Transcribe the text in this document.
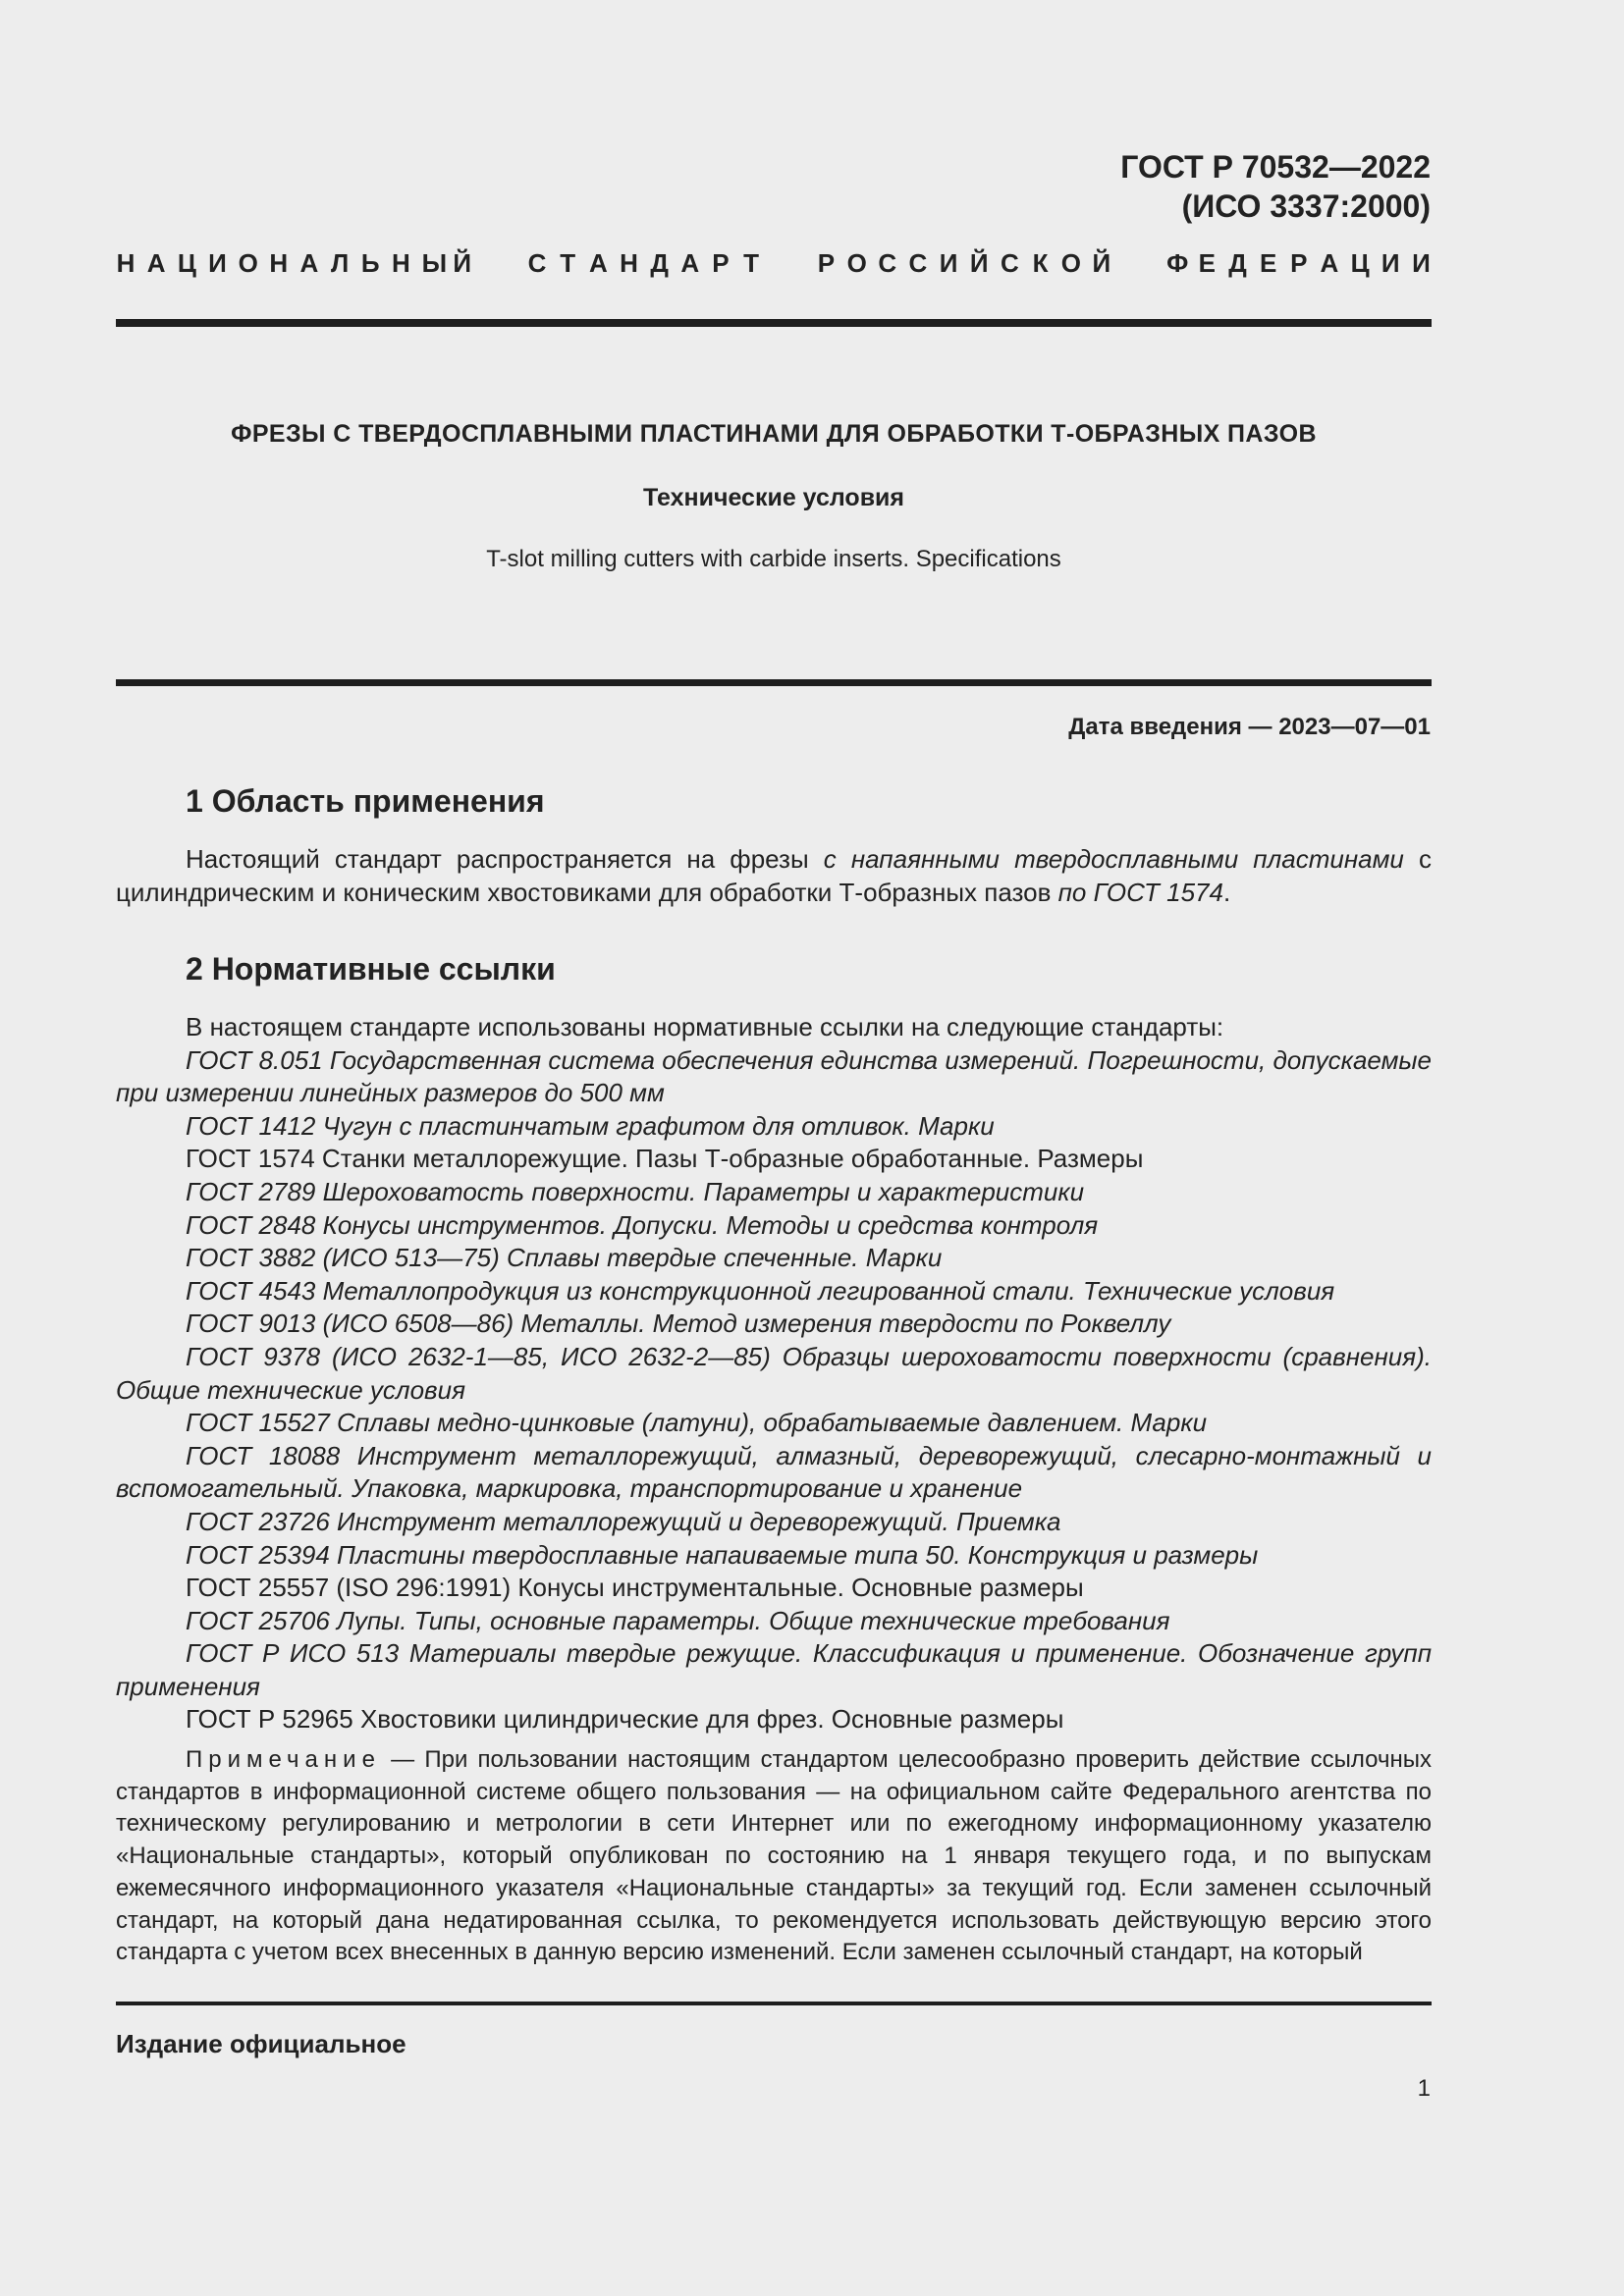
ГОСТ Р 70532—2022
(ИСО 3337:2000)
Н А Ц И О Н А Л Ь Н Ы Й
С Т А Н Д А Р Т
Р О С С И Й С К О Й
Ф Е Д Е Р А Ц И И
ФРЕЗЫ С ТВЕРДОСПЛАВНЫМИ ПЛАСТИНАМИ ДЛЯ ОБРАБОТКИ Т-ОБРАЗНЫХ ПАЗОВ
Технические условия
T-slot milling cutters with carbide inserts. Specifications
Дата введения — 2023—07—01
1 Область применения

Настоящий стандарт распространяется на фрезы с напаянными твердосплавными пластинами с цилиндрическим и коническим хвостовиками для обработки Т-образных пазов по ГОСТ 1574.

2 Нормативные ссылки

В настоящем стандарте использованы нормативные ссылки на следующие стандарты:

ГОСТ 8.051 Государственная система обеспечения единства измерений. Погрешности, допускаемые при измерении линейных размеров до 500 мм

ГОСТ 1412 Чугун с пластинчатым графитом для отливок. Марки

ГОСТ 1574 Станки металлорежущие. Пазы Т-образные обработанные. Размеры

ГОСТ 2789 Шероховатость поверхности. Параметры и характеристики

ГОСТ 2848 Конусы инструментов. Допуски. Методы и средства контроля

ГОСТ 3882 (ИСО 513—75) Сплавы твердые спеченные. Марки

ГОСТ 4543 Металлопродукция из конструкционной легированной стали. Технические условия

ГОСТ 9013 (ИСО 6508—86) Металлы. Метод измерения твердости по Роквеллу

ГОСТ 9378 (ИСО 2632-1—85, ИСО 2632-2—85) Образцы шероховатости поверхности (сравнения). Общие технические условия

ГОСТ 15527 Сплавы медно-цинковые (латуни), обрабатываемые давлением. Марки

ГОСТ 18088 Инструмент металлорежущий, алмазный, дереворежущий, слесарно-монтажный и вспомогательный. Упаковка, маркировка, транспортирование и хранение

ГОСТ 23726 Инструмент металлорежущий и дереворежущий. Приемка

ГОСТ 25394 Пластины твердосплавные напаиваемые типа 50. Конструкция и размеры

ГОСТ 25557 (ISO 296:1991) Конусы инструментальные. Основные размеры

ГОСТ 25706 Лупы. Типы, основные параметры. Общие технические требования

ГОСТ Р ИСО 513 Материалы твердые режущие. Классификация и применение. Обозначение групп применения

ГОСТ Р 52965 Хвостовики цилиндрические для фрез. Основные размеры

Примечание — При пользовании настоящим стандартом целесообразно проверить действие ссылочных стандартов в информационной системе общего пользования — на официальном сайте Федерального агентства по техническому регулированию и метрологии в сети Интернет или по ежегодному информационному указателю «Национальные стандарты», который опубликован по состоянию на 1 января текущего года, и по выпускам ежемесячного информационного указателя «Национальные стандарты» за текущий год. Если заменен ссылочный стандарт, на который дана недатированная ссылка, то рекомендуется использовать действующую версию этого стандарта с учетом всех внесенных в данную версию изменений. Если заменен ссылочный стандарт, на который
Издание официальное
1
